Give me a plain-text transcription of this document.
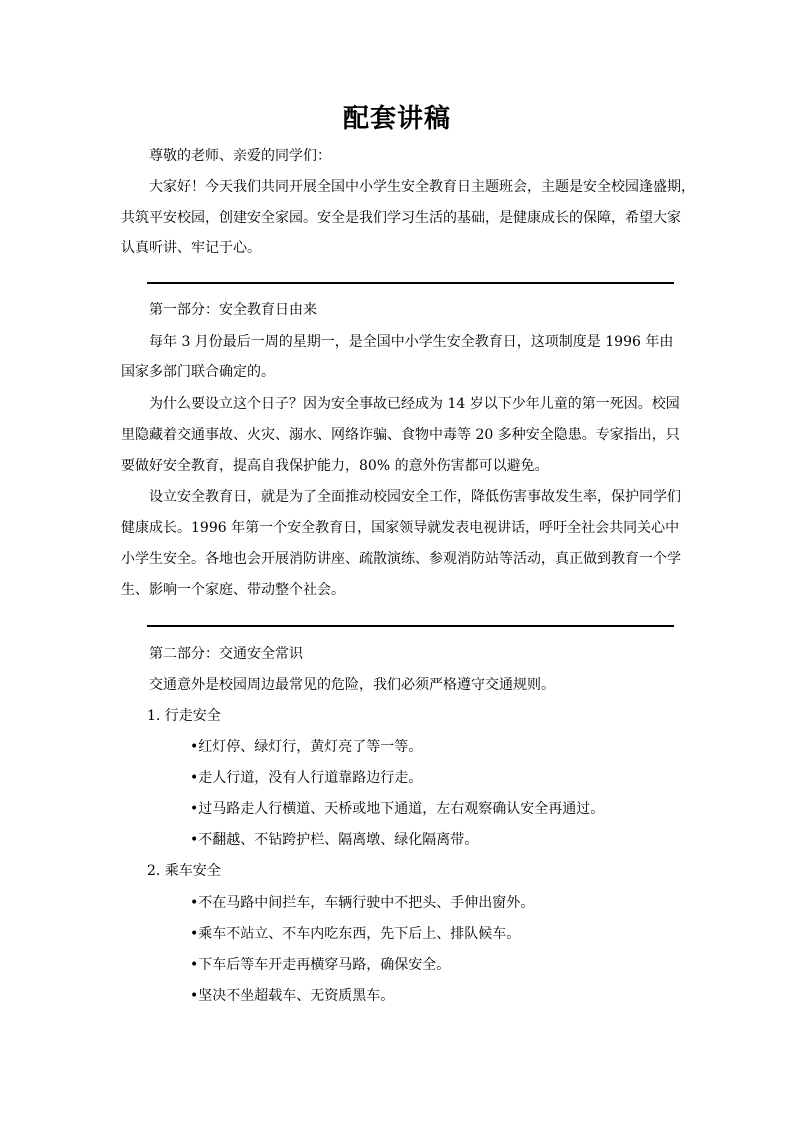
配套讲稿
尊敬的老师、亲爱的同学们：
大家好！今天我们共同开展全国中小学生安全教育日主题班会，主题是安全校园逢盛期，
共筑平安校园，创建安全家园。安全是我们学习生活的基础，是健康成长的保障，希望大家
认真听讲、牢记于心。
第一部分：安全教育日由来
每年 3 月份最后一周的星期一，是全国中小学生安全教育日，这项制度是 1996 年由
国家多部门联合确定的。
为什么要设立这个日子？因为安全事故已经成为 14 岁以下少年儿童的第一死因。校园
里隐藏着交通事故、火灾、溺水、网络诈骗、食物中毒等 20 多种安全隐患。专家指出，只
要做好安全教育，提高自我保护能力，80% 的意外伤害都可以避免。
设立安全教育日，就是为了全面推动校园安全工作，降低伤害事故发生率，保护同学们
健康成长。1996 年第一个安全教育日，国家领导就发表电视讲话，呼吁全社会共同关心中
小学生安全。各地也会开展消防讲座、疏散演练、参观消防站等活动，真正做到教育一个学
生、影响一个家庭、带动整个社会。
第二部分：交通安全常识
交通意外是校园周边最常见的危险，我们必须严格遵守交通规则。
1. 行走安全
•红灯停、绿灯行，黄灯亮了等一等。
•走人行道，没有人行道靠路边行走。
•过马路走人行横道、天桥或地下通道，左右观察确认安全再通过。
•不翻越、不钻跨护栏、隔离墩、绿化隔离带。
2. 乘车安全
•不在马路中间拦车，车辆行驶中不把头、手伸出窗外。
•乘车不站立、不车内吃东西，先下后上、排队候车。
•下车后等车开走再横穿马路，确保安全。
•坚决不坐超载车、无资质黑车。
